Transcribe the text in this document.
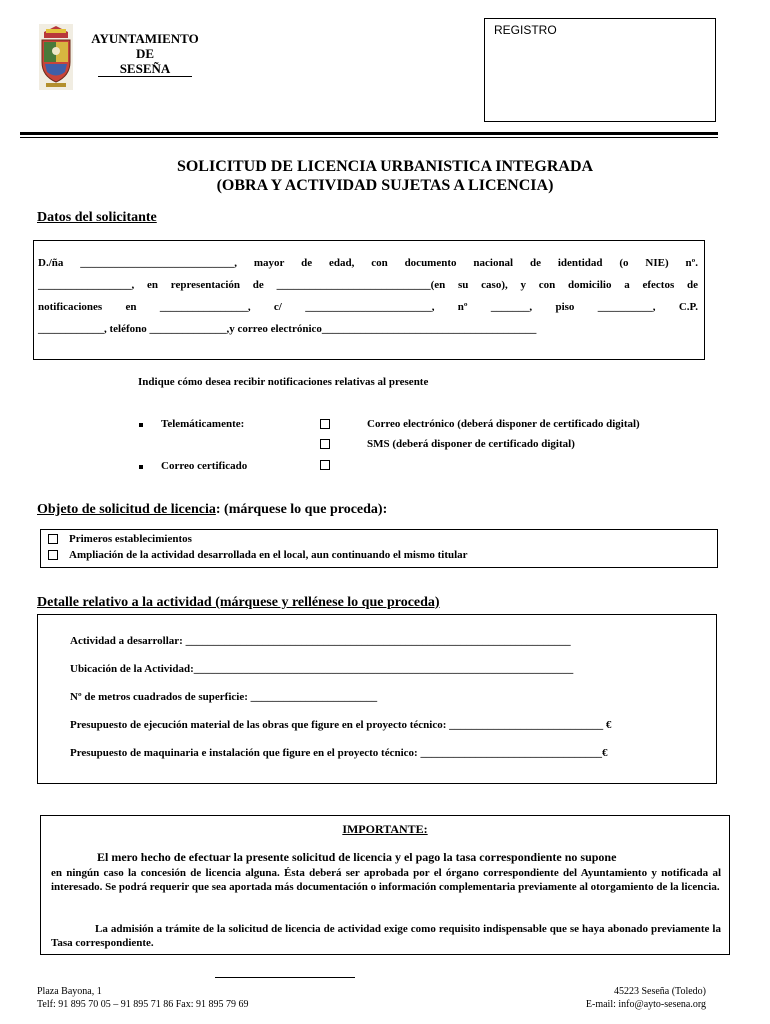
AYUNTAMIENTO
DE
SESEÑA
REGISTRO
SOLICITUD DE LICENCIA URBANISTICA INTEGRADA
(OBRA Y ACTIVIDAD SUJETAS A LICENCIA)
Datos del solicitante
D./ña ____________________________, mayor de edad, con documento nacional de identidad (o NIE) nº.
_________________, en representación de ____________________________(en su caso), y con domicilio a efectos de
notificaciones en ________________, c/ _______________________, nº _______, piso __________, C.P.
____________, teléfono ______________,y correo electrónico_______________________________________
Indique cómo desea recibir notificaciones relativas al presente
Telemáticamente:	Correo electrónico (deberá disponer de certificado digital)
SMS (deberá disponer de certificado digital)
Correo certificado
Objeto de solicitud de licencia: (márquese lo que proceda):
Primeros establecimientos
Ampliación de la actividad desarrollada en el local, aun continuando el mismo titular
Detalle relativo a la actividad (márquese y rellénese lo que proceda)
Actividad a desarrollar: ______________________________________________________________________
Ubicación de la Actividad:_____________________________________________________________________
Nº de metros cuadrados de superficie: _______________________
Presupuesto de ejecución material de las obras que figure en el proyecto técnico: ____________________________ €
Presupuesto de maquinaria e instalación que figure en el proyecto técnico: _________________________________€
IMPORTANTE:
El mero hecho de efectuar la presente solicitud de licencia y el pago la tasa correspondiente no supone

en ningún caso la concesión de licencia alguna. Ésta deberá ser aprobada por el órgano correspondiente del Ayuntamiento y notificada al interesado. Se podrá requerir que sea aportada más documentación o información complementaria previamente al otorgamiento de la licencia.

La admisión a trámite de la solicitud de licencia de actividad exige como requisito indispensable que se haya abonado previamente la Tasa correspondiente.

Plaza Bayona, 1
Telf: 91 895 70 05 – 91 895 71 86 Fax: 91 895 79 69
45223 Seseña (Toledo)
E-mail: info@ayto-sesena.org
